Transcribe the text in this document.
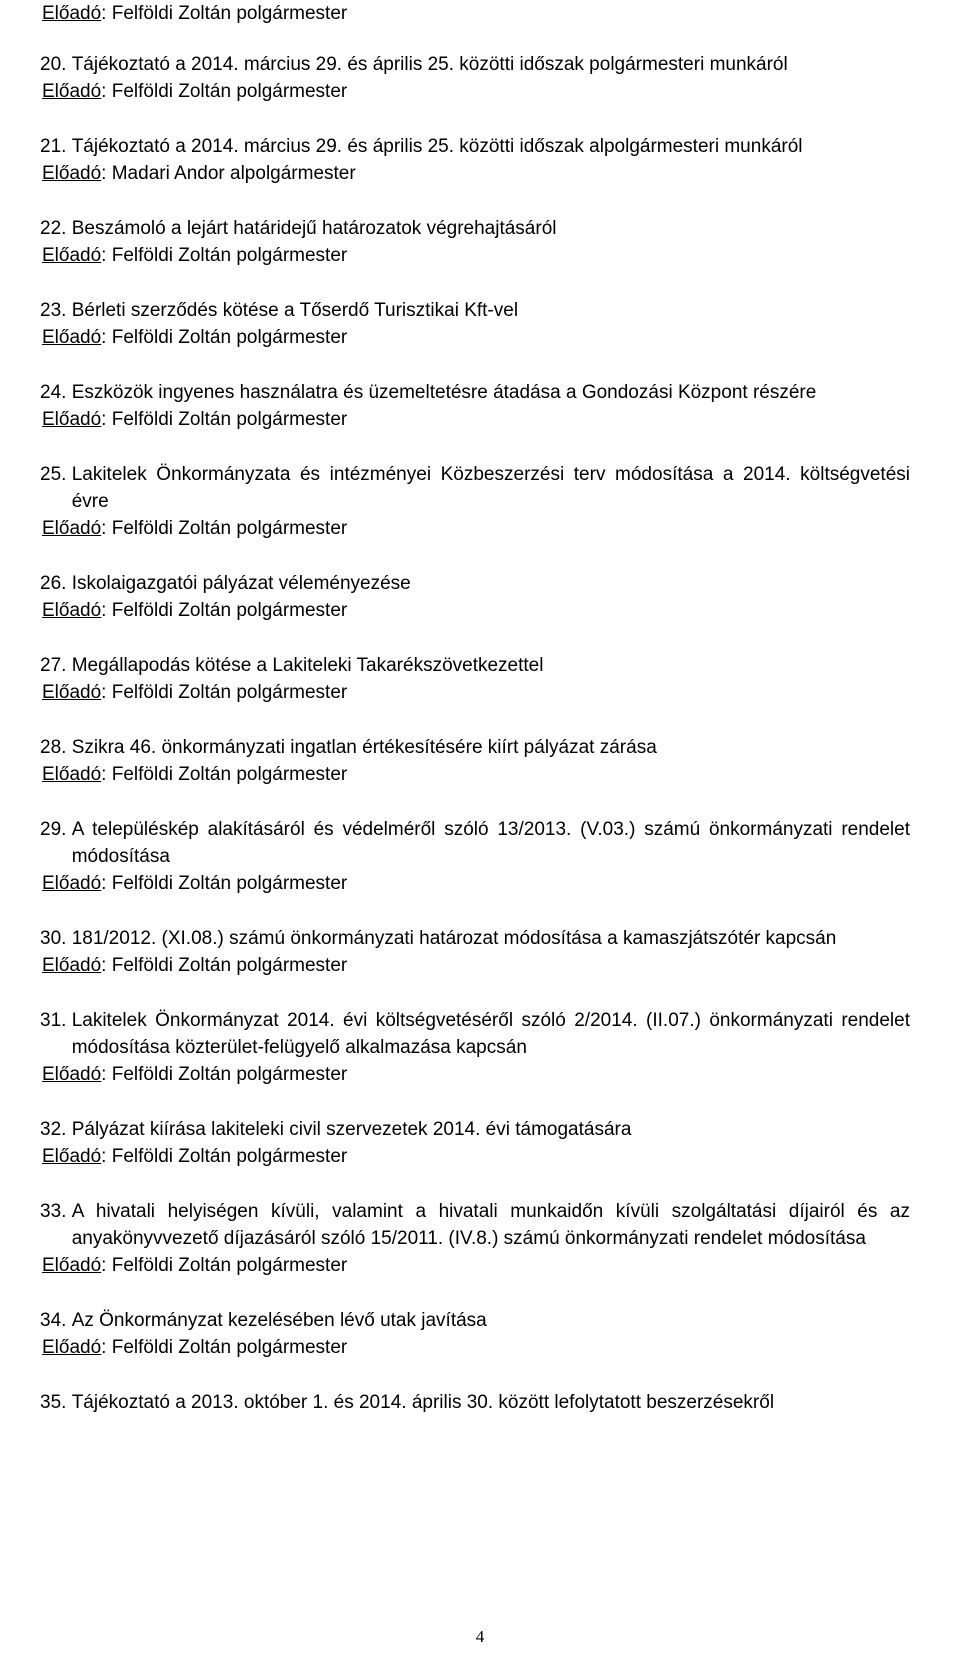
Előadó: Felföldi Zoltán polgármester
20.
Tájékoztató a 2014. március 29. és április 25. közötti időszak polgármesteri munkáról
Előadó: Felföldi Zoltán polgármester
21.
Tájékoztató a 2014. március 29. és április 25. közötti időszak alpolgármesteri munkáról
Előadó: Madari Andor alpolgármester
22.
Beszámoló a lejárt határidejű határozatok végrehajtásáról
Előadó: Felföldi Zoltán polgármester
23.
Bérleti szerződés kötése a Tőserdő Turisztikai Kft-vel
Előadó: Felföldi Zoltán polgármester
24.
Eszközök ingyenes használatra és üzemeltetésre átadása a Gondozási Központ részére
Előadó: Felföldi Zoltán polgármester
25.
Lakitelek Önkormányzata és intézményei Közbeszerzési terv módosítása a 2014. költségvetési évre
Előadó: Felföldi Zoltán polgármester
26.
Iskolaigazgatói pályázat véleményezése
Előadó: Felföldi Zoltán polgármester
27.
Megállapodás kötése a Lakiteleki Takarékszövetkezettel
Előadó: Felföldi Zoltán polgármester
28.
Szikra 46. önkormányzati ingatlan értékesítésére kiírt pályázat zárása
Előadó: Felföldi Zoltán polgármester
29.
A településkép alakításáról és védelméről szóló 13/2013. (V.03.) számú önkormányzati rendelet módosítása
Előadó: Felföldi Zoltán polgármester
30.
181/2012. (XI.08.) számú önkormányzati határozat módosítása a kamaszjátszótér kapcsán
Előadó: Felföldi Zoltán polgármester
31.
Lakitelek Önkormányzat 2014. évi költségvetéséről szóló 2/2014. (II.07.) önkormányzati rendelet módosítása közterület-felügyelő alkalmazása kapcsán
Előadó: Felföldi Zoltán polgármester
32.
Pályázat kiírása lakiteleki civil szervezetek 2014. évi támogatására
Előadó: Felföldi Zoltán polgármester
33.
A hivatali helyiségen kívüli, valamint a hivatali munkaidőn kívüli szolgáltatási díjairól és az anyakönyvvezető díjazásáról szóló 15/2011. (IV.8.) számú önkormányzati rendelet módosítása
Előadó: Felföldi Zoltán polgármester
34.
Az Önkormányzat kezelésében lévő utak javítása
Előadó: Felföldi Zoltán polgármester
35.
Tájékoztató a 2013. október 1. és 2014. április 30. között lefolytatott beszerzésekről
4
